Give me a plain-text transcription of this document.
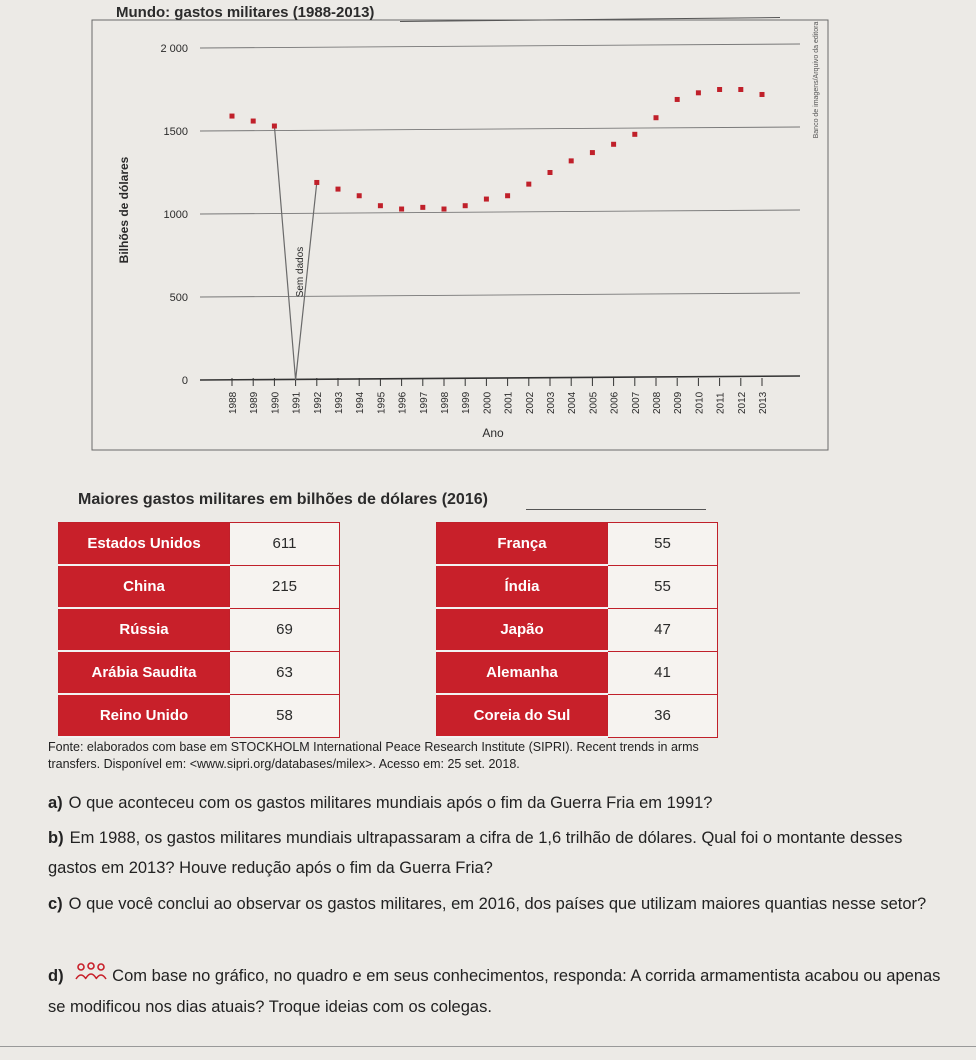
0
500
1000
1500
2 000
1988 1989 1990 1991 1992 1993 1994 1995 1996 1997 1998 1999 2000 2001 2002 2003 2004 2005 2006 2007 2008 2009 2010 2011 2012 2013
Bilhões de dólares
Ano
Sem dados
Banco de imagens/Arquivo da editora
Mundo: gastos militares (1988-2013)
Maiores gastos militares em bilhões de dólares (2016)
Estados Unidos	611
China	215
Rússia	69
Arábia Saudita	63
Reino Unido	58
França	55
Índia	55
Japão	47
Alemanha	41
Coreia do Sul	36
Fonte: elaborados com base em STOCKHOLM International Peace Research Institute (SIPRI). Recent trends in arms transfers. Disponível em: <www.sipri.org/databases/milex>. Acesso em: 25 set. 2018.
a) O que aconteceu com os gastos militares mundiais após o fim da Guerra Fria em 1991?
b) Em 1988, os gastos militares mundiais ultrapassaram a cifra de 1,6 trilhão de dólares. Qual foi o montante desses gastos em 2013? Houve redução após o fim da Guerra Fria?
c) O que você conclui ao observar os gastos militares, em 2016, dos países que utilizam maiores quantias nesse setor?
d)	Com base no gráfico, no quadro e em seus conhecimentos, responda: A corrida armamentista acabou ou apenas se modificou nos dias atuais? Troque ideias com os colegas.
